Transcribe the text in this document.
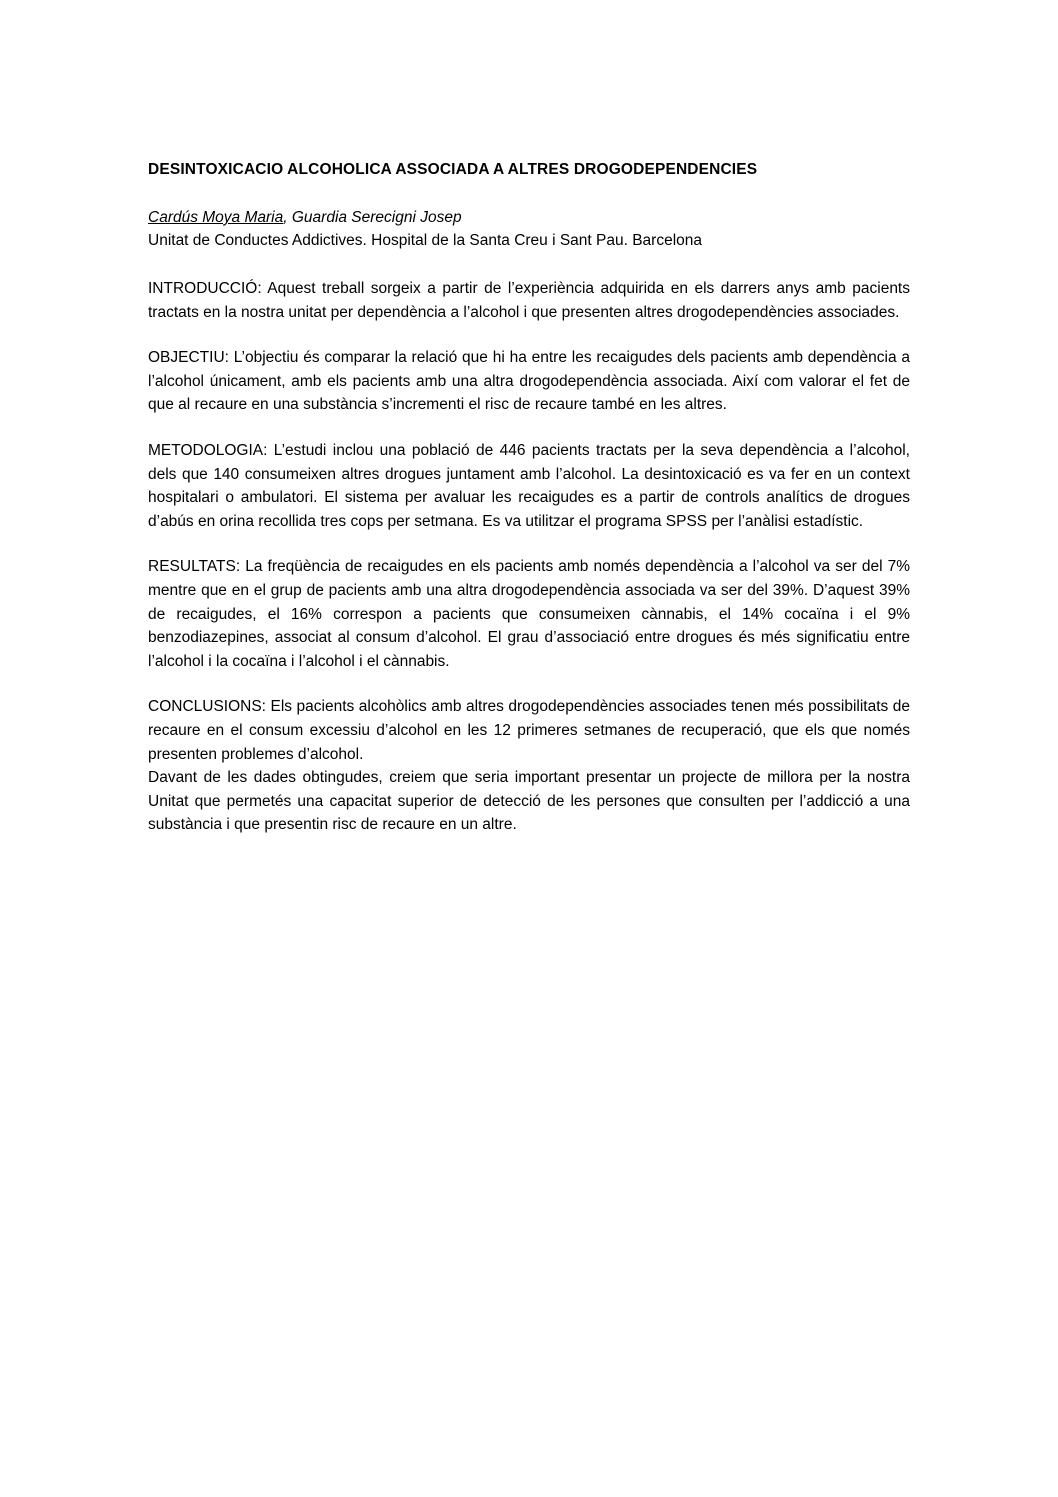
DESINTOXICACIO ALCOHOLICA ASSOCIADA A ALTRES DROGODEPENDENCIES

Cardús Moya Maria, Guardia Serecigni Josep

Unitat de Conductes Addictives. Hospital de la Santa Creu i Sant Pau. Barcelona

INTRODUCCIÓ: Aquest treball sorgeix a partir de l’experiència adquirida en els darrers anys amb pacients tractats en la nostra unitat per dependència a l’alcohol i que presenten altres drogodependències associades.

OBJECTIU: L’objectiu és comparar la relació que hi ha entre les recaigudes dels pacients amb dependència a l’alcohol únicament, amb els pacients amb una altra drogodependència associada. Així com valorar el fet de que al recaure en una substància s’incrementi el risc de recaure també en les altres.

METODOLOGIA: L’estudi inclou una població de 446 pacients tractats per la seva dependència a l’alcohol, dels que 140 consumeixen altres drogues juntament amb l’alcohol. La desintoxicació es va fer en un context hospitalari o ambulatori. El sistema per avaluar les recaigudes es a partir de controls analítics de drogues d’abús en orina recollida tres cops per setmana. Es va utilitzar el programa SPSS per l’anàlisi estadístic.

RESULTATS: La freqüència de recaigudes en els pacients amb només dependència a l’alcohol va ser del 7% mentre que en el grup de pacients amb una altra drogodependència associada va ser del 39%. D’aquest 39% de recaigudes, el 16% correspon a pacients que consumeixen cànnabis, el 14% cocaïna i el 9% benzodiazepines, associat al consum d’alcohol. El grau d’associació entre drogues és més significatiu entre l’alcohol i la cocaïna i l’alcohol i el cànnabis.

CONCLUSIONS: Els pacients alcohòlics amb altres drogodependències associades tenen més possibilitats de recaure en el consum excessiu d’alcohol en les 12 primeres setmanes de recuperació, que els que només presenten problemes d’alcohol.
Davant de les dades obtingudes, creiem que seria important presentar un projecte de millora per la nostra Unitat que permetés una capacitat superior de detecció de les persones que consulten per l’addicció a una substància i que presentin risc de recaure en un altre.
